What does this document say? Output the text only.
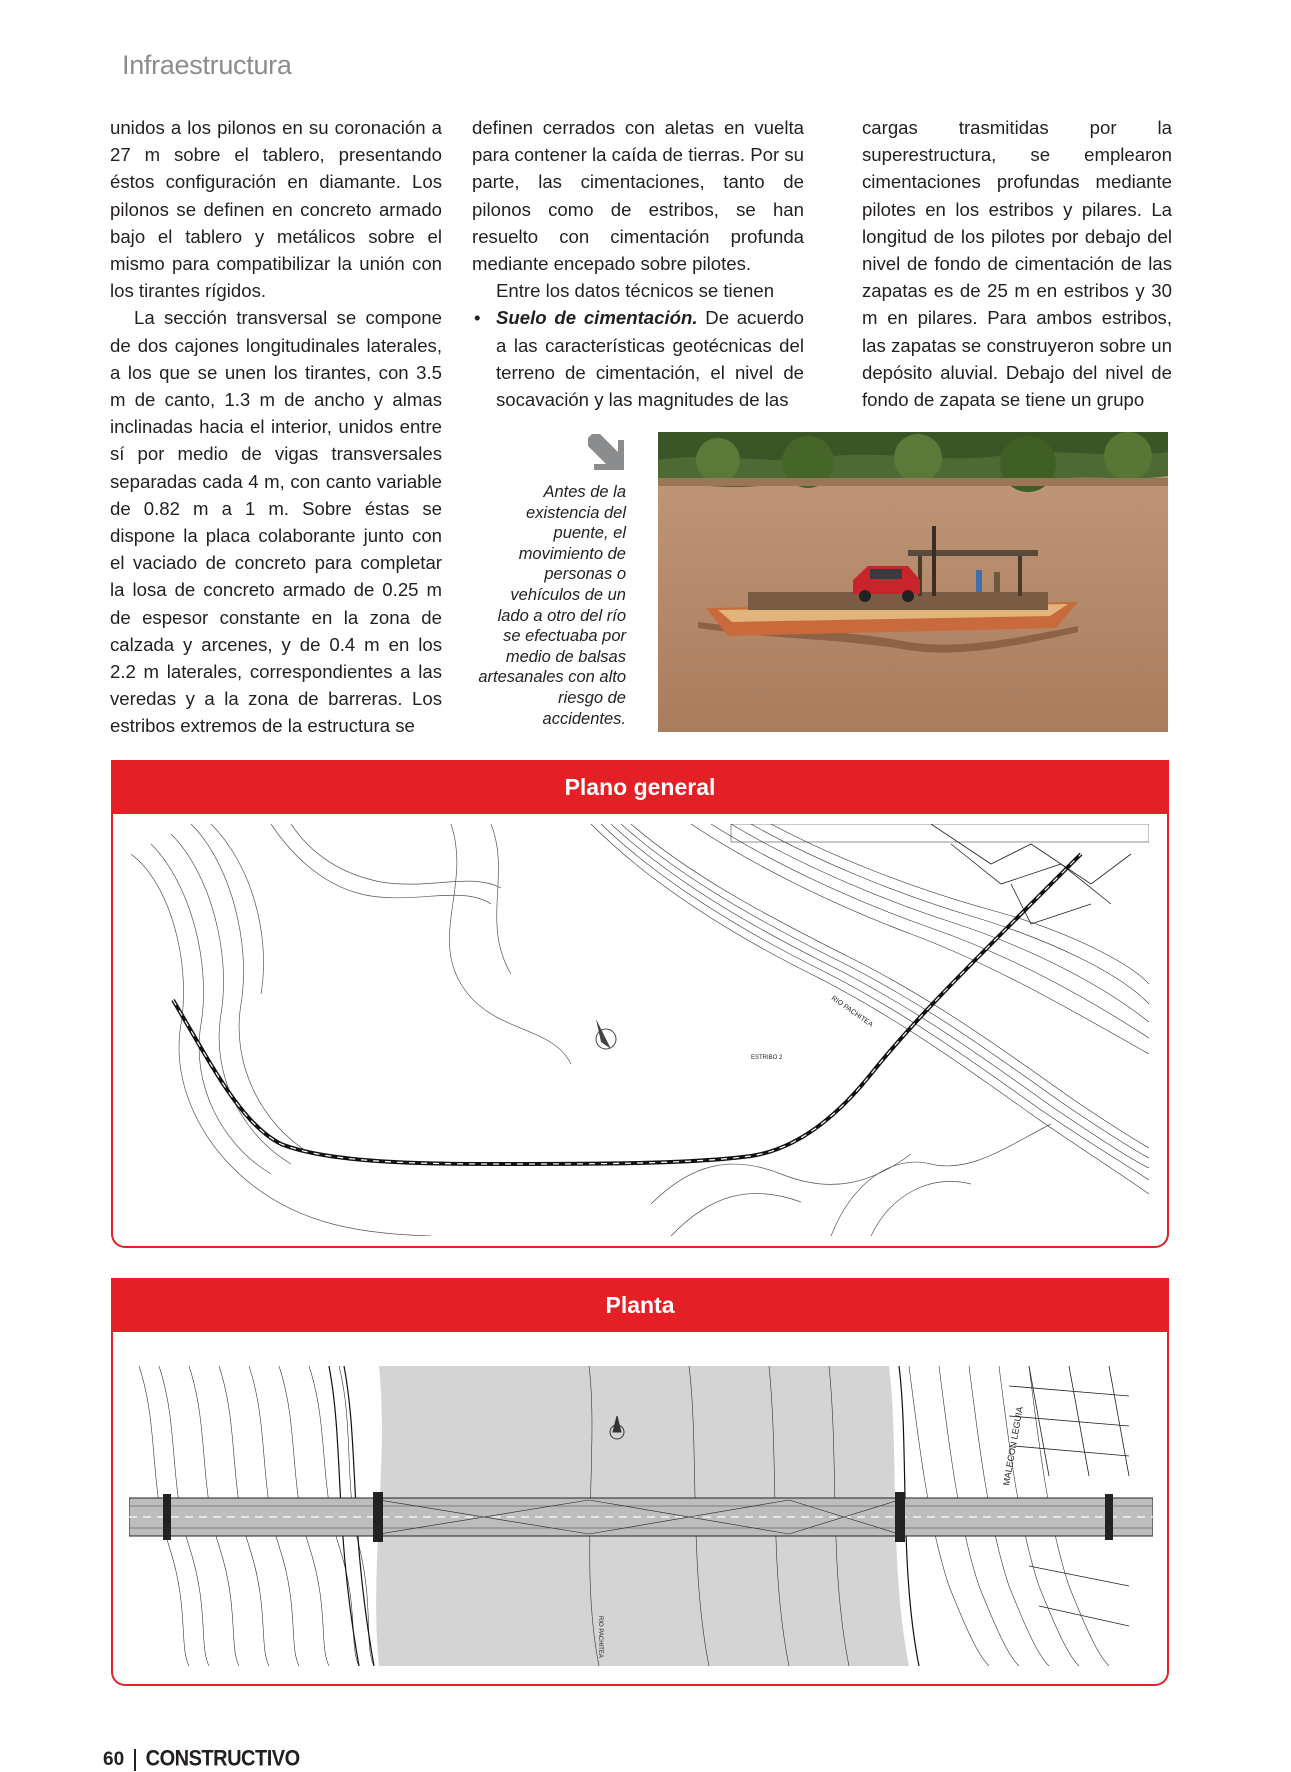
Infraestructura

unidos a los pilonos en su coronación a 27 m sobre el tablero, presentando éstos configuración en diamante. Los pilonos se definen en concreto armado bajo el tablero y metálicos sobre el mismo para compatibilizar la unión con los tirantes rígidos.

La sección transversal se compone de dos cajones longitudinales laterales, a los que se unen los tirantes, con 3.5 m de canto, 1.3 m de ancho y almas inclinadas hacia el interior, unidos entre sí por medio de vigas transversales separadas cada 4 m, con canto variable de 0.82 m a 1 m. Sobre éstas se dispone la placa colaborante junto con el vaciado de concreto para completar la losa de concreto armado de 0.25 m de espesor constante en la zona de calzada y arcenes, y de 0.4 m en los 2.2 m laterales, correspondientes a las veredas y a la zona de barreras. Los estribos extremos de la estructura se

definen cerrados con aletas en vuelta para contener la caída de tierras. Por su parte, las cimentaciones, tanto de pilonos como de estribos, se han resuelto con cimentación profunda mediante encepado sobre pilotes.

Entre los datos técnicos se tienen

• Suelo de cimentación. De acuerdo a las características geotécnicas del terreno de cimentación, el nivel de socavación y las magnitudes de las

cargas trasmitidas por la superestructura, se emplearon cimentaciones profundas mediante pilotes en los estribos y pilares. La longitud de los pilotes por debajo del nivel de fondo de cimentación de las zapatas es de 25 m en estribos y 30 m en pilares. Para ambos estribos, las zapatas se construyeron sobre un depósito aluvial. Debajo del nivel de fondo de zapata se tiene un grupo

Antes de la existencia del puente, el movimiento de personas o vehículos de un lado a otro del río se efectuaba por medio de balsas artesanales con alto riesgo de accidentes.
Plano general
RIO PACHITEA
ESTRIBO 2
Planta
MALECON LEGUIA
RIO PACHITEA
60 CONSTRUCTIVO
